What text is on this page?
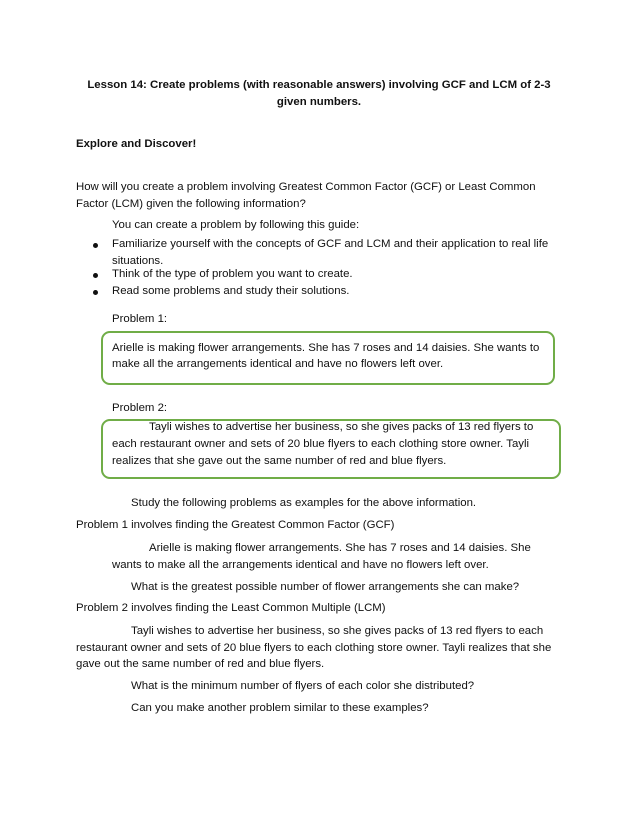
Lesson 14: Create problems (with reasonable answers) involving GCF and LCM of 2-3
given numbers.
Explore and Discover!
How will you create a problem involving Greatest Common Factor (GCF) or Least Common
Factor (LCM) given the following information?
You can create a problem by following this guide:
Familiarize yourself with the concepts of GCF and LCM and their application to real life
situations.
Think of the type of problem you want to create.
Read some problems and study their solutions.
Problem 1:
Arielle is making flower arrangements. She has 7 roses and 14 daisies. She wants to
make all the arrangements identical and have no flowers left over.
Problem 2:
Tayli wishes to advertise her business, so she gives packs of 13 red flyers to
each restaurant owner and sets of 20 blue flyers to each clothing store owner. Tayli
realizes that she gave out the same number of red and blue flyers.
Study the following problems as examples for the above information.
Problem 1 involves finding the Greatest Common Factor (GCF)
Arielle is making flower arrangements. She has 7 roses and 14 daisies. She
wants to make all the arrangements identical and have no flowers left over.
What is the greatest possible number of flower arrangements she can make?
Problem 2 involves finding the Least Common Multiple (LCM)
Tayli wishes to advertise her business, so she gives packs of 13 red flyers to each
restaurant owner and sets of 20 blue flyers to each clothing store owner. Tayli realizes that she
gave out the same number of red and blue flyers.
What is the minimum number of flyers of each color she distributed?
Can you make another problem similar to these examples?
